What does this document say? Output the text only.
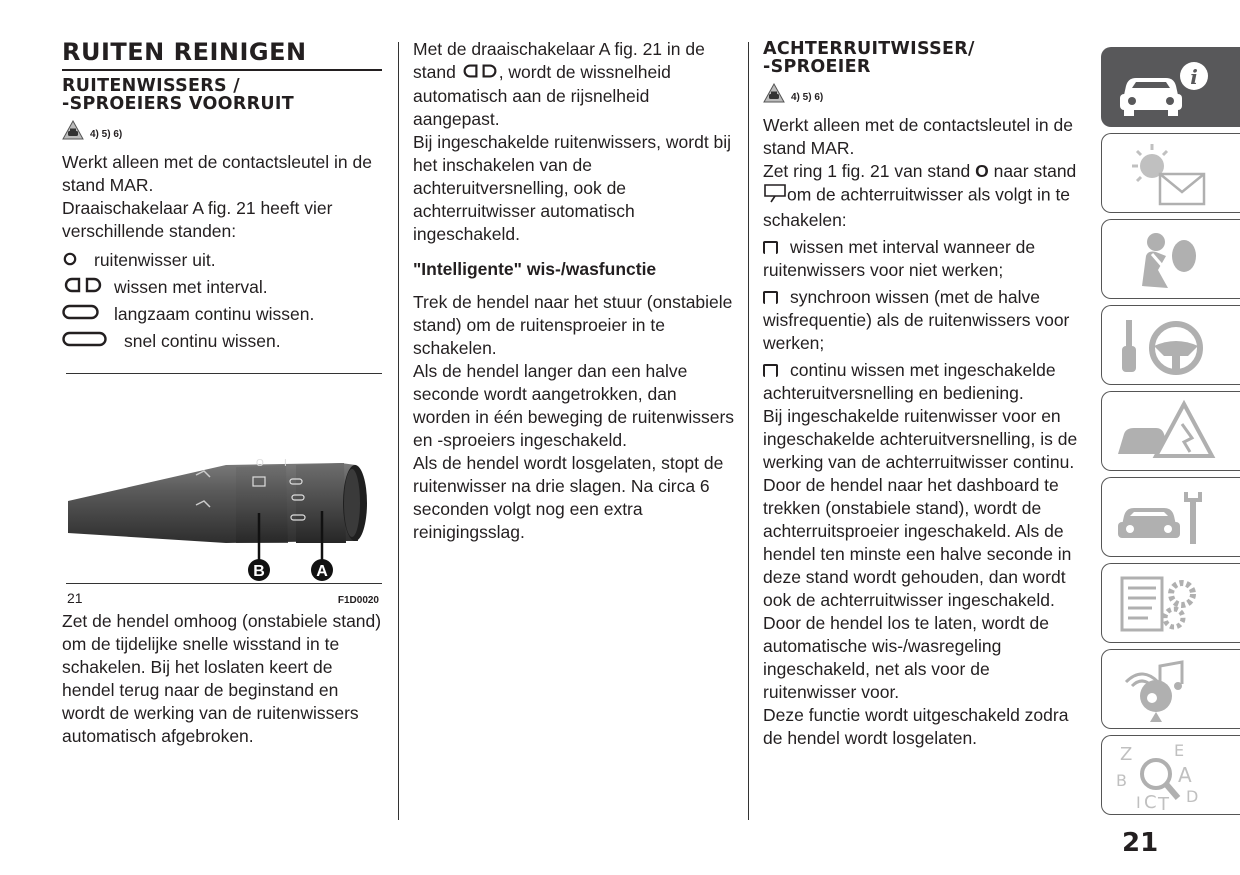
RUITEN REINIGEN
RUITENWISSERS /
-SPROEIERS VOORRUIT
4) 5) 6)

Werkt alleen met de contactsleutel in de stand MAR.

Draaischakelaar A fig. 21 heeft vier verschillende standen:

ruitenwisser uit.
wissen met interval.
langzaam continu wissen.
snel continu wissen.
O I
B	A
21	F1D0020

Zet de hendel omhoog (onstabiele stand) om de tijdelijke snelle wisstand in te schakelen. Bij het loslaten keert de hendel terug naar de beginstand en wordt de werking van de ruitenwissers automatisch afgebroken.

Met de draaischakelaar A fig. 21 in de stand , wordt de wissnelheid automatisch aan de rijsnelheid aangepast.

Bij ingeschakelde ruitenwissers, wordt bij het inschakelen van de achteruitversnelling, ook de achterruitwisser automatisch ingeschakeld.

"Intelligente" wis-/wasfunctie

Trek de hendel naar het stuur (onstabiele stand) om de ruitensproeier in te schakelen.

Als de hendel langer dan een halve seconde wordt aangetrokken, dan worden in één beweging de ruitenwissers en -sproeiers ingeschakeld.

Als de hendel wordt losgelaten, stopt de ruitenwisser na drie slagen. Na circa 6 seconden volgt nog een extra reinigingsslag.

ACHTERRUITWISSER/
-SPROEIER
4) 5) 6)

Werkt alleen met de contactsleutel in de stand MAR.

Zet ring 1 fig. 21 van stand O naar stand om de achterruitwisser als volgt in te schakelen:

wissen met interval wanneer de ruitenwissers voor niet werken;

synchroon wissen (met de halve wisfrequentie) als de ruitenwissers voor werken;

continu wissen met ingeschakelde achteruitversnelling en bediening.

Bij ingeschakelde ruitenwisser voor en ingeschakelde achteruitversnelling, is de werking van de achterruitwisser continu.

Door de hendel naar het dashboard te trekken (onstabiele stand), wordt de achterruitsproeier ingeschakeld. Als de hendel ten minste een halve seconde in deze stand wordt gehouden, dan wordt ook de achterruitwisser ingeschakeld. Door de hendel los te laten, wordt de automatische wis-/wasregeling ingeschakeld, net als voor de ruitenwisser voor.

Deze functie wordt uitgeschakeld zodra de hendel wordt losgelaten.

i
Z	E
B	A
I C T D
21
